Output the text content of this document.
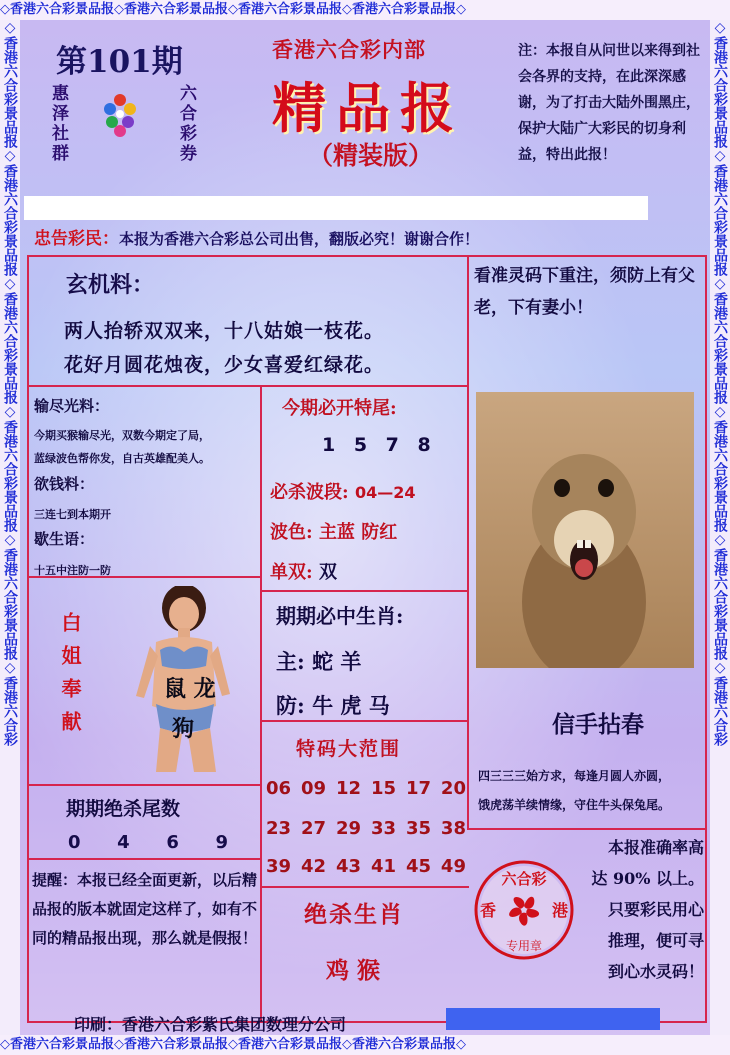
◇香港六合彩景品报◇香港六合彩景品报◇香港六合彩景品报◇香港六合彩景品报◇
◇香港六合彩景品报◇香港六合彩景品报◇香港六合彩景品报◇香港六合彩景品报◇
◇香港六合彩景品报◇香港六合彩景品报◇香港六合彩景品报◇香港六合彩景品报◇香港六合彩景品报◇香港六合彩	◇香港六合彩景品报◇香港六合彩景品报◇香港六合彩景品报◇香港六合彩景品报◇香港六合彩景品报◇香港六合彩
第101期
惠泽社群	六合彩券
香港六合彩内部
精品报
（精装版）
注：本报自从问世以来得到社会各界的支持，在此深深感谢，为了打击大陆外围黑庄，保护大陆广大彩民的切身利益，特出此报！
忠告彩民：本报为香港六合彩总公司出售，翻版必究！谢谢合作！
玄机料：
两人抬轿双双来，十八姑娘一枝花。
花好月圆花烛夜，少女喜爱红绿花。
输尽光料：
今期买猴输尽光，双数今期定了局，
蓝绿波色帮你发，自古英雄配美人。
欲钱料：
三连七到本期开
歇生语：
十五中注防一防
今期必开特尾:
1 5 7 8
必杀波段: 04—24
波色: 主蓝 防红
单双: 双
期期必中生肖:
主: 蛇 羊
防: 牛 虎 马
白姐奉献	鼠 龙
狗
特码大范围
06 09 12 15 17 20
23 27 29 33 35 38
39 42 43 41 45 49
期期绝杀尾数
0 4 6 9
绝杀生肖
鸡 猴
提醒：本报已经全面更新，以后精品报的版本就固定这样了，如有不同的精品报出现，那么就是假报！
看准灵码下重注，须防上有父老，下有妻小！
信手拈春
四三三三始方求，每逢月圆人亦圆，
饿虎荡羊续情缘，守住牛头保兔尾。
本报准确率高
达 90% 以上。
只要彩民用心
推理，便可寻
到心水灵码！
六合彩
香	港
专用章
印刷：香港六合彩紫氏集团数理分公司
